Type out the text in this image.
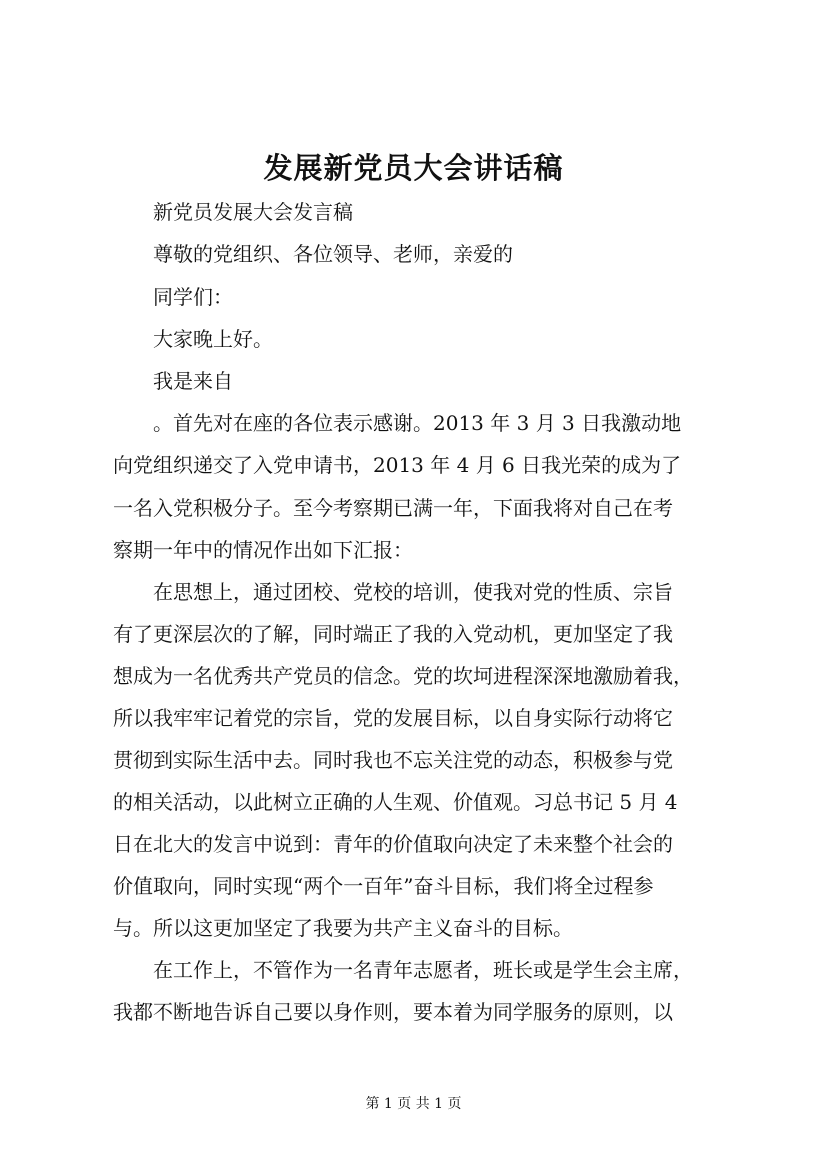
发展新党员大会讲话稿
新党员发展大会发言稿
尊敬的党组织、各位领导、老师，亲爱的
同学们：
大家晚上好。
我是来自
。首先对在座的各位表示感谢。2013 年 3 月 3 日我激动地
向党组织递交了入党申请书，2013 年 4 月 6 日我光荣的成为了
一名入党积极分子。至今考察期已满一年，下面我将对自己在考
察期一年中的情况作出如下汇报：
在思想上，通过团校、党校的培训，使我对党的性质、宗旨
有了更深层次的了解，同时端正了我的入党动机，更加坚定了我
想成为一名优秀共产党员的信念。党的坎坷进程深深地激励着我，
所以我牢牢记着党的宗旨，党的发展目标，以自身实际行动将它
贯彻到实际生活中去。同时我也不忘关注党的动态，积极参与党
的相关活动，以此树立正确的人生观、价值观。习总书记 5 月 4
日在北大的发言中说到：青年的价值取向决定了未来整个社会的
价值取向，同时实现“两个一百年”奋斗目标，我们将全过程参
与。所以这更加坚定了我要为共产主义奋斗的目标。
在工作上，不管作为一名青年志愿者，班长或是学生会主席，
我都不断地告诉自己要以身作则，要本着为同学服务的原则，以
第 1 页 共 1 页
